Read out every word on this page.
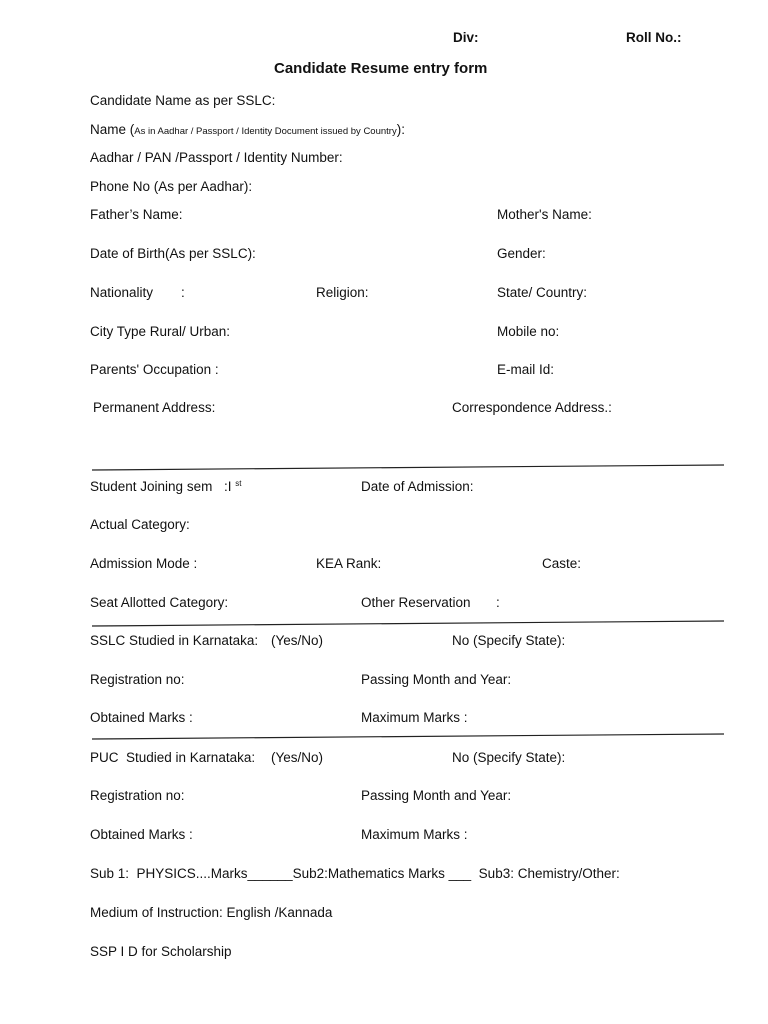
Div:	Roll No.:
Candidate Resume entry form
Candidate Name as per SSLC:
Name (As in Aadhar / Passport / Identity Document issued by Country):
Aadhar / PAN /Passport / Identity Number:
Phone No (As per Aadhar):
Father’s Name:	Mother's Name:
Date of Birth(As per SSLC):	Gender:
Nationality :	Religion:	State/ Country:
City Type Rural/ Urban:	Mobile no:
Parents' Occupation :	E-mail Id:
Permanent Address:	Correspondence Address.:
Student Joining sem :I $^{st}$	Date of Admission:
Actual Category:
Admission Mode :	KEA Rank:	Caste:
Seat Allotted Category:	Other Reservation :
SSLC Studied in Karnataka: (Yes/No)	No (Specify State):
Registration no:	Passing Month and Year:
Obtained Marks :	Maximum Marks :
PUC  Studied in Karnataka: (Yes/No)	No (Specify State):
Registration no:	Passing Month and Year:
Obtained Marks :	Maximum Marks :
Sub 1:  PHYSICS....Marks______Sub2:Mathematics Marks ___  Sub3: Chemistry/Other:
Medium of Instruction: English /Kannada
SSP I D for Scholarship
